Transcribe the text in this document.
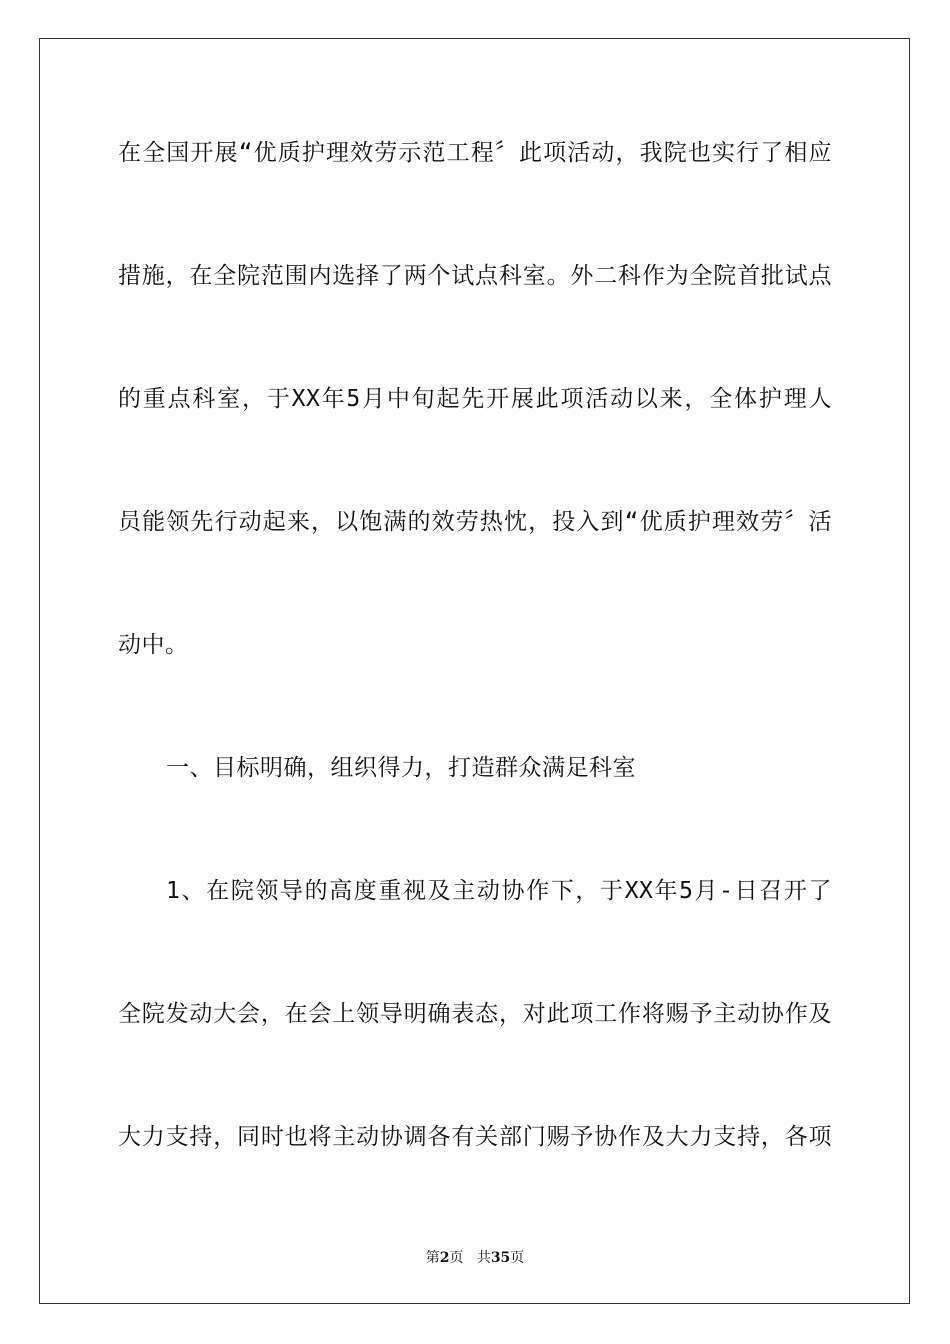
在全国开展“优质护理效劳示范工程〞此项活动，我院也实行了相应
措施，在全院范围内选择了两个试点科室。外二科作为全院首批试点
的重点科室，于XX年5月中旬起先开展此项活动以来，全体护理人
员能领先行动起来，以饱满的效劳热忱，投入到“优质护理效劳〞活
动中。
一、目标明确，组织得力，打造群众满足科室
1、在院领导的高度重视及主动协作下，于XX年5月-日召开了
全院发动大会，在会上领导明确表态，对此项工作将赐予主动协作及
大力支持，同时也将主动协调各有关部门赐予协作及大力支持，各项
第2页 共35页
